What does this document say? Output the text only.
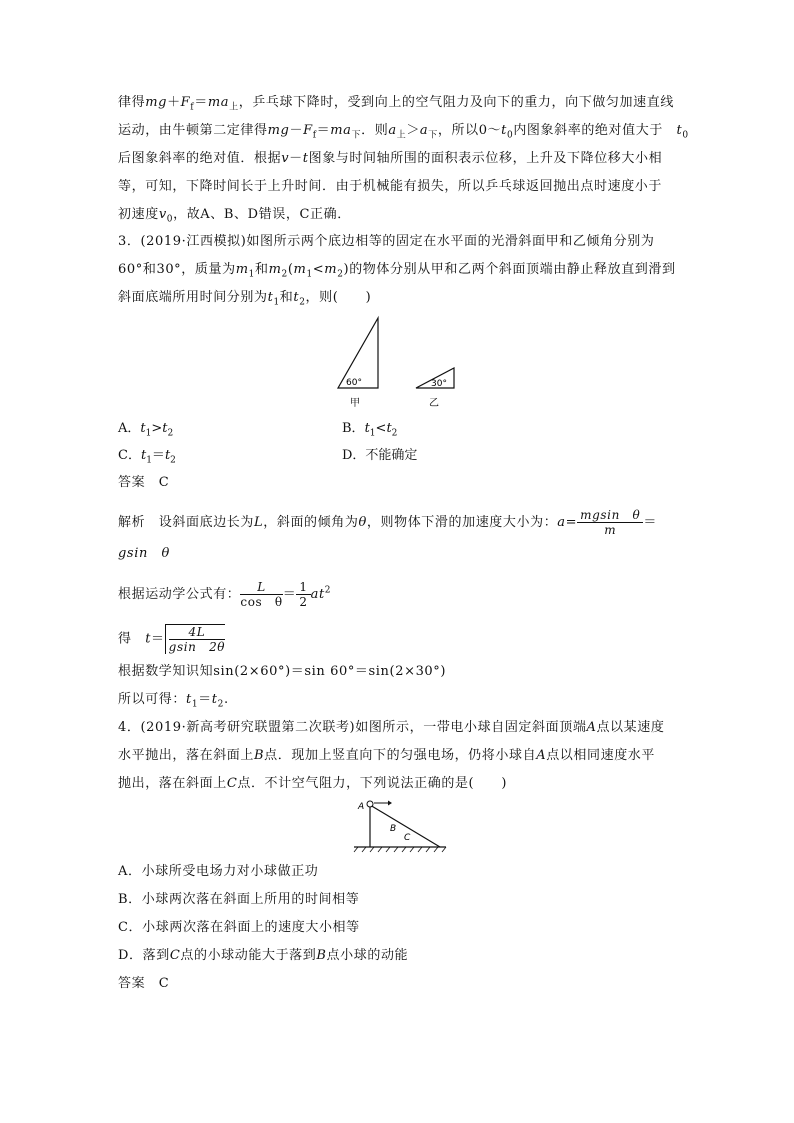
律得$mg+F_f=ma_上$，乒乓球下降时，受到向上的空气阻力及向下的重力，向下做匀加速直线
运动，由牛顿第二定律得$mg-F_f=ma_下$．则$a_上>a_下$，所以$0\sim t_0$内图象斜率的绝对值大于　 $t_0$
后图象斜率的绝对值．根据v－t图象与时间轴所围的面积表示位移，上升及下降位移大小相
等，可知，下降时间长于上升时间．由于机械能有损失，所以乒乓球返回抛出点时速度小于
初速度$v_0$，故A、B、D错误，C正确．
3．(2019·江西模拟)如图所示两个底边相等的固定在水平面的光滑斜面甲和乙倾角分别为
60°和30°，质量为$m_1$和$m_2(m_1<m_2)$的物体分别从甲和乙两个斜面顶端由静止释放直到滑到
斜面底端所用时间分别为$t_1$和$t_2$，则(　　)
60°	30°
甲	乙
A．$t_1>t_2$	B．$t_1<t_2$
C．$t_1=t_2$	D．不能确定
答案　C
解析　设斜面底边长为L，斜面的倾角为θ，则物体下滑的加速度大小为：$a= \frac{\text{mgsin　θ}}{m}$ ＝
gsin　θ
根据运动学公式有： $\frac{L}{\text{cos　θ}} = \frac{1}{2} at^2$
得　 $t= \frac{4L}{gsin 2\theta}$
根据数学知识知sin(2×60°)＝sin 60°＝sin(2×30°)
所以可得：$t_1=t_2$.
4．(2019·新高考研究联盟第二次联考)如图所示，一带电小球自固定斜面顶端A点以某速度
水平抛出，落在斜面上B点．现加上竖直向下的匀强电场，仍将小球自A点以相同速度水平
抛出，落在斜面上C点．不计空气阻力，下列说法正确的是(　　)
A
B
C
A．小球所受电场力对小球做正功
B．小球两次落在斜面上所用的时间相等
C．小球两次落在斜面上的速度大小相等
D．落到C点的小球动能大于落到B点小球的动能
答案　C
